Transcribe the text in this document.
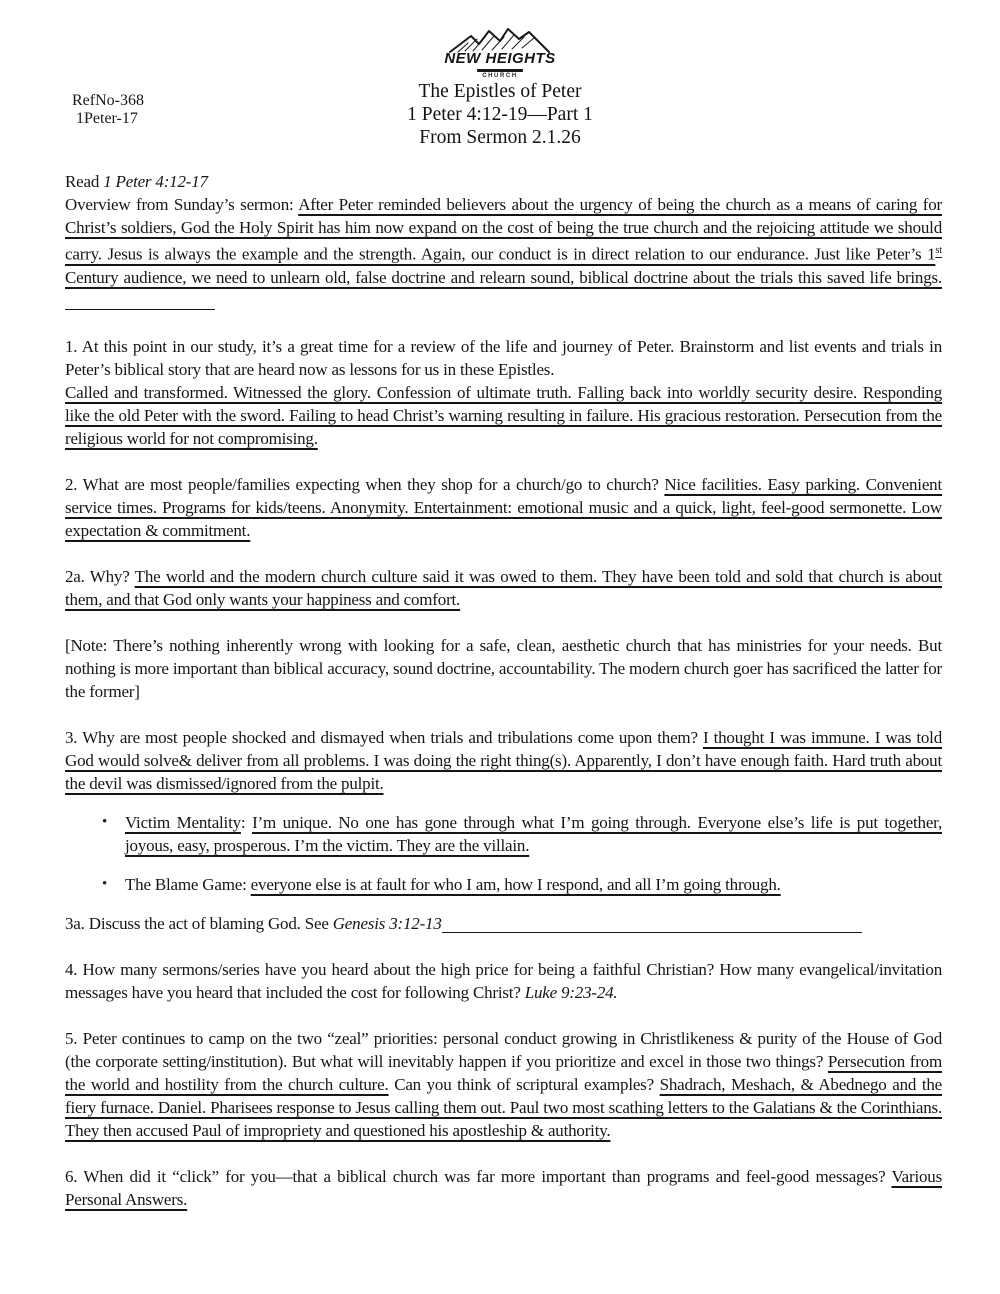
NEW HEIGHTS
CHURCH
RefNo-368
1Peter-17
The Epistles of Peter
1 Peter 4:12-19—Part 1
From Sermon 2.1.26

Read 1 Peter 4:12-17

Overview from Sunday’s sermon: After Peter reminded believers about the urgency of being the church as a means of caring for Christ’s soldiers, God the Holy Spirit has him now expand on the cost of being the true church and the rejoicing attitude we should carry. Jesus is always the example and the strength. Again, our conduct is in direct relation to our endurance. Just like Peter’s 1st Century audience, we need to unlearn old, false doctrine and relearn sound, biblical doctrine about the trials this saved life brings.

1. At this point in our study, it’s a great time for a review of the life and journey of Peter. Brainstorm and list events and trials in Peter’s biblical story that are heard now as lessons for us in these Epistles.
Called and transformed. Witnessed the glory. Confession of ultimate truth. Falling back into worldly security desire. Responding like the old Peter with the sword. Failing to head Christ’s warning resulting in failure. His gracious restoration. Persecution from the religious world for not compromising.

2. What are most people/families expecting when they shop for a church/go to church? Nice facilities. Easy parking. Convenient service times. Programs for kids/teens. Anonymity. Entertainment: emotional music and a quick, light, feel-good sermonette. Low expectation & commitment.

2a. Why? The world and the modern church culture said it was owed to them. They have been told and sold that church is about them, and that God only wants your happiness and comfort.

[Note: There’s nothing inherently wrong with looking for a safe, clean, aesthetic church that has ministries for your needs. But nothing is more important than biblical accuracy, sound doctrine, accountability. The modern church goer has sacrificed the latter for the former]

3. Why are most people shocked and dismayed when trials and tribulations come upon them? I thought I was immune. I was told God would solve& deliver from all problems. I was doing the right thing(s). Apparently, I don’t have enough faith. Hard truth about the devil was dismissed/ignored from the pulpit.

•	Victim Mentality: I’m unique. No one has gone through what I’m going through. Everyone else’s life is put together, joyous, easy, prosperous. I’m the victim. They are the villain.
•	The Blame Game: everyone else is at fault for who I am, how I respond, and all I’m going through.

3a. Discuss the act of blaming God. See Genesis 3:12-13

4. How many sermons/series have you heard about the high price for being a faithful Christian? How many evangelical/invitation messages have you heard that included the cost for following Christ? Luke 9:23-24.

5. Peter continues to camp on the two “zeal” priorities: personal conduct growing in Christlikeness & purity of the House of God (the corporate setting/institution). But what will inevitably happen if you prioritize and excel in those two things? Persecution from the world and hostility from the church culture. Can you think of scriptural examples? Shadrach, Meshach, & Abednego and the fiery furnace. Daniel. Pharisees response to Jesus calling them out. Paul two most scathing letters to the Galatians & the Corinthians. They then accused Paul of impropriety and questioned his apostleship & authority.

6. When did it “click” for you—that a biblical church was far more important than programs and feel-good messages? Various Personal Answers.
